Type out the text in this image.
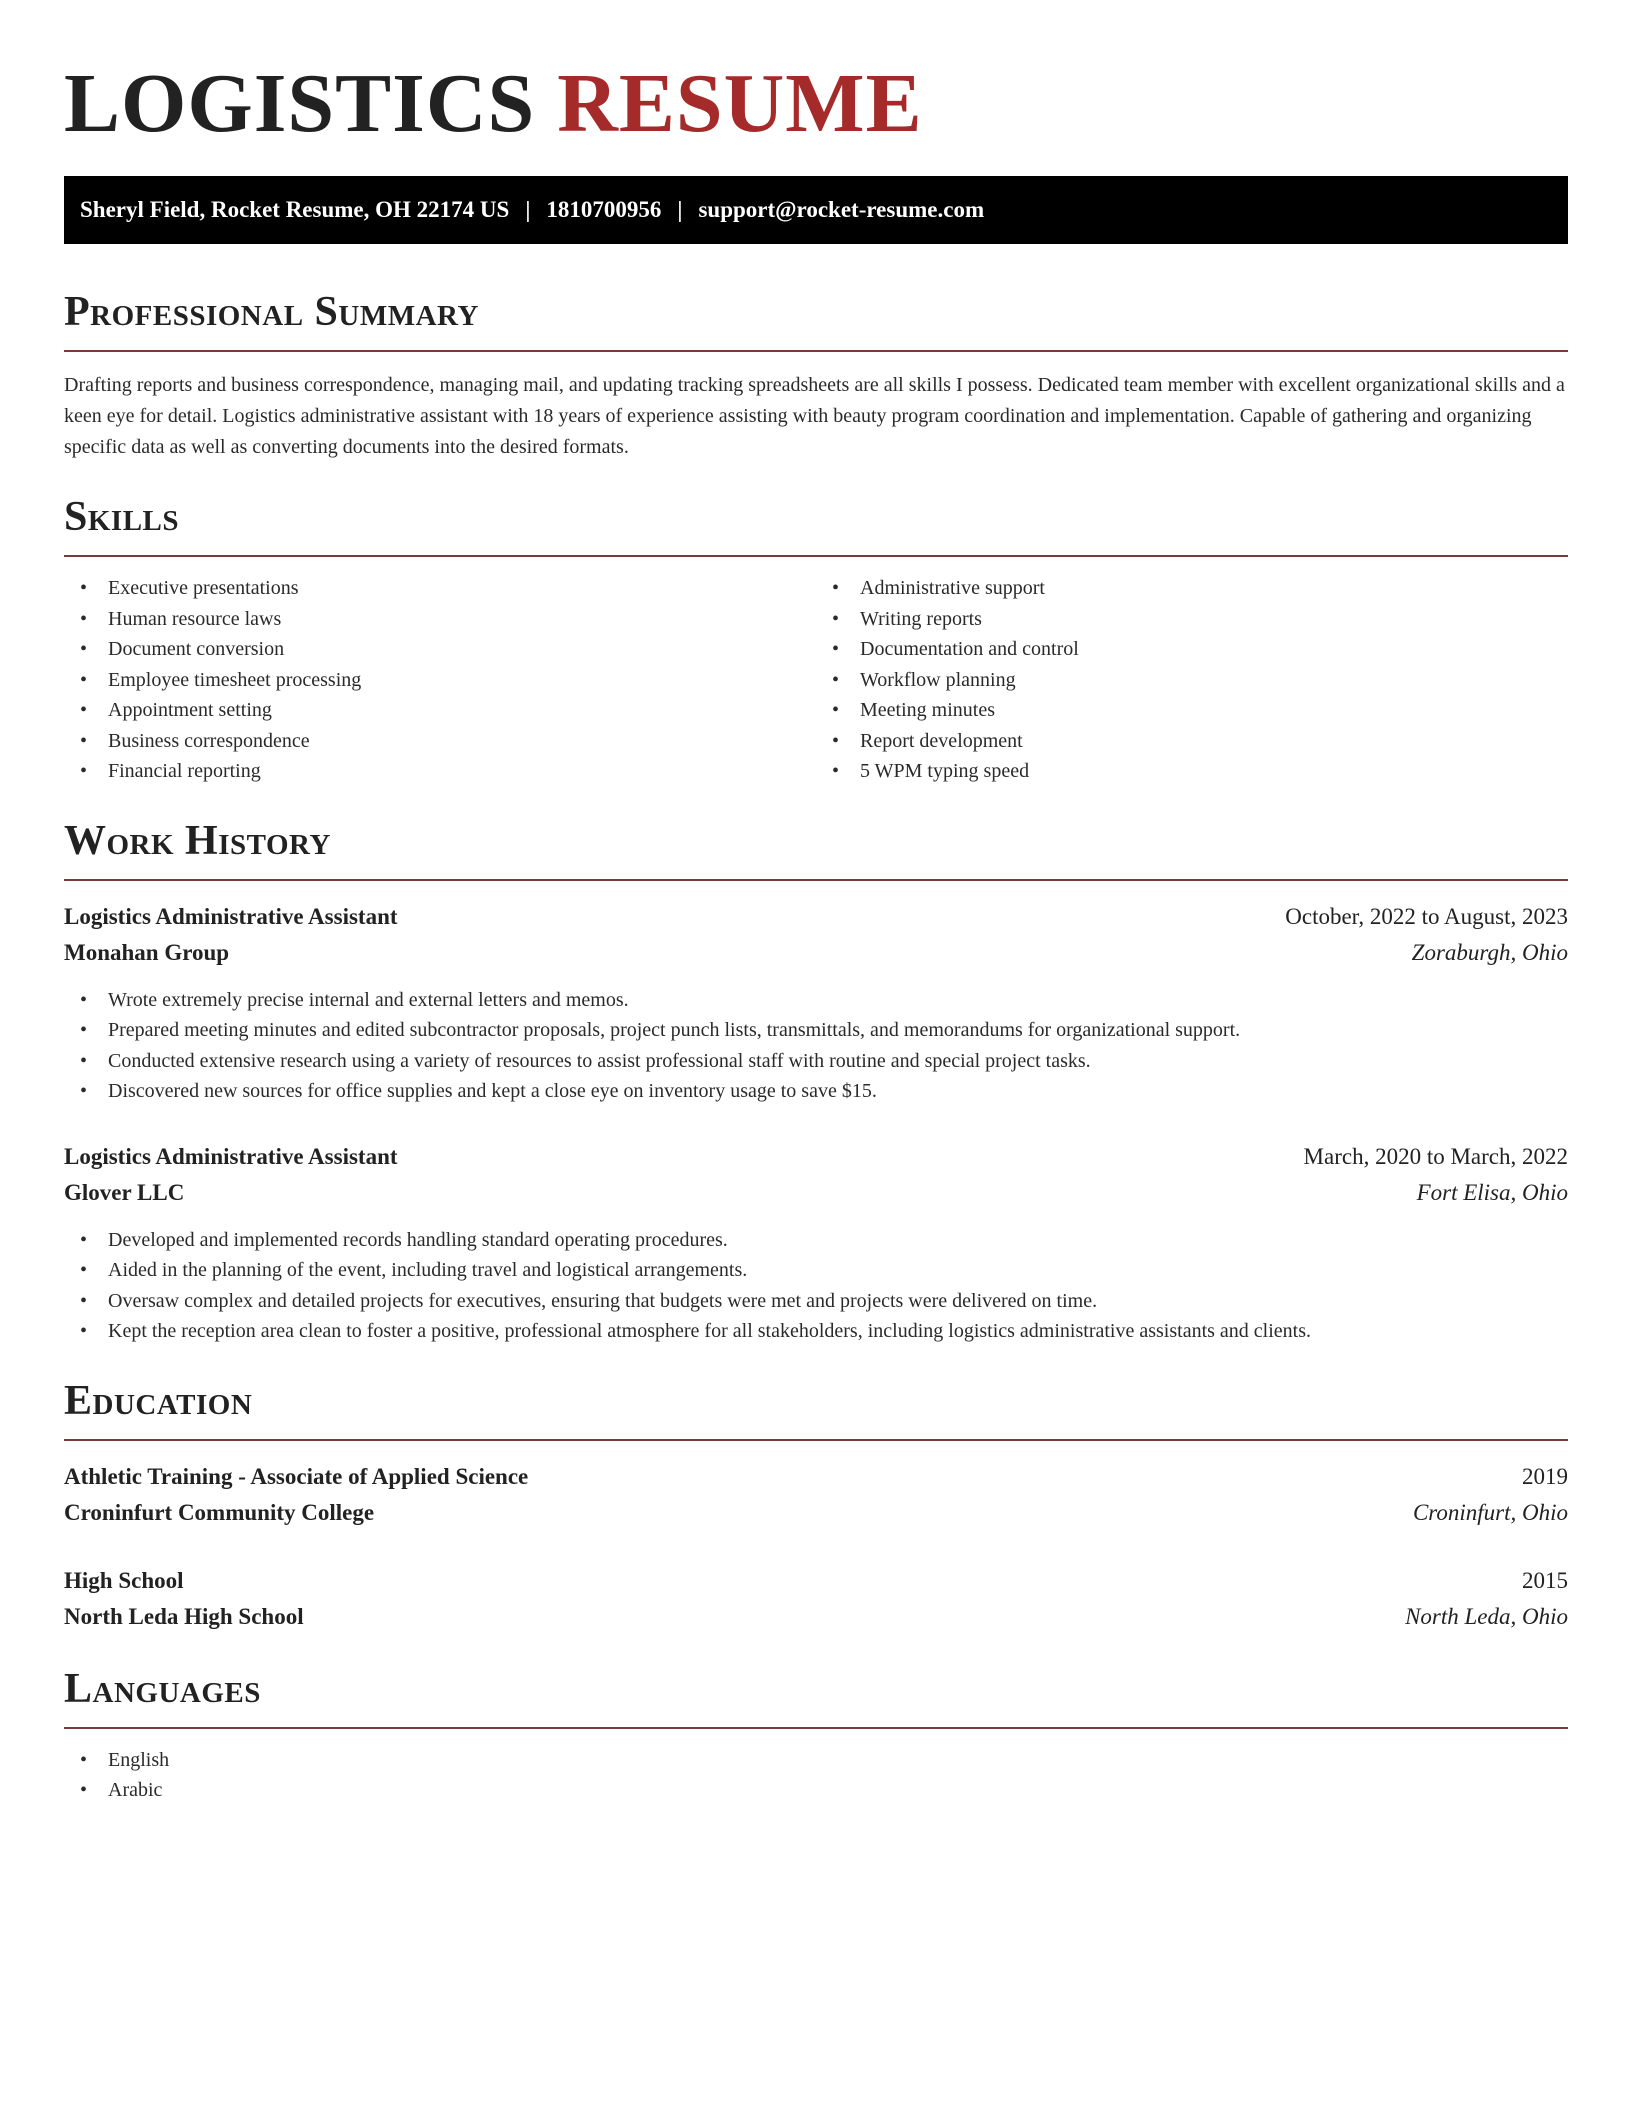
LOGISTICS RESUME
Sheryl Field, Rocket Resume, OH 22174 US | 1810700956 | support@rocket-resume.com
Professional Summary

Drafting reports and business correspondence, managing mail, and updating tracking spreadsheets are all skills I possess. Dedicated team member with excellent organizational skills and a keen eye for detail. Logistics administrative assistant with 18 years of experience assisting with beauty program coordination and implementation. Capable of gathering and organizing specific data as well as converting documents into the desired formats.

Skills
• Executive presentations
• Human resource laws
• Document conversion
• Employee timesheet processing
• Appointment setting
• Business correspondence
• Financial reporting
• Administrative support
• Writing reports
• Documentation and control
• Workflow planning
• Meeting minutes
• Report development
• 5 WPM typing speed
Work History
Logistics Administrative Assistant	October, 2022 to August, 2023
Monahan Group	Zoraburgh, Ohio
• Wrote extremely precise internal and external letters and memos.
• Prepared meeting minutes and edited subcontractor proposals, project punch lists, transmittals, and memorandums for organizational support.
• Conducted extensive research using a variety of resources to assist professional staff with routine and special project tasks.
• Discovered new sources for office supplies and kept a close eye on inventory usage to save $15.
Logistics Administrative Assistant	March, 2020 to March, 2022
Glover LLC	Fort Elisa, Ohio
• Developed and implemented records handling standard operating procedures.
• Aided in the planning of the event, including travel and logistical arrangements.
• Oversaw complex and detailed projects for executives, ensuring that budgets were met and projects were delivered on time.
• Kept the reception area clean to foster a positive, professional atmosphere for all stakeholders, including logistics administrative assistants and clients.
Education
Athletic Training - Associate of Applied Science	2019
Croninfurt Community College	Croninfurt, Ohio
High School	2015
North Leda High School	North Leda, Ohio
Languages
• English
• Arabic
